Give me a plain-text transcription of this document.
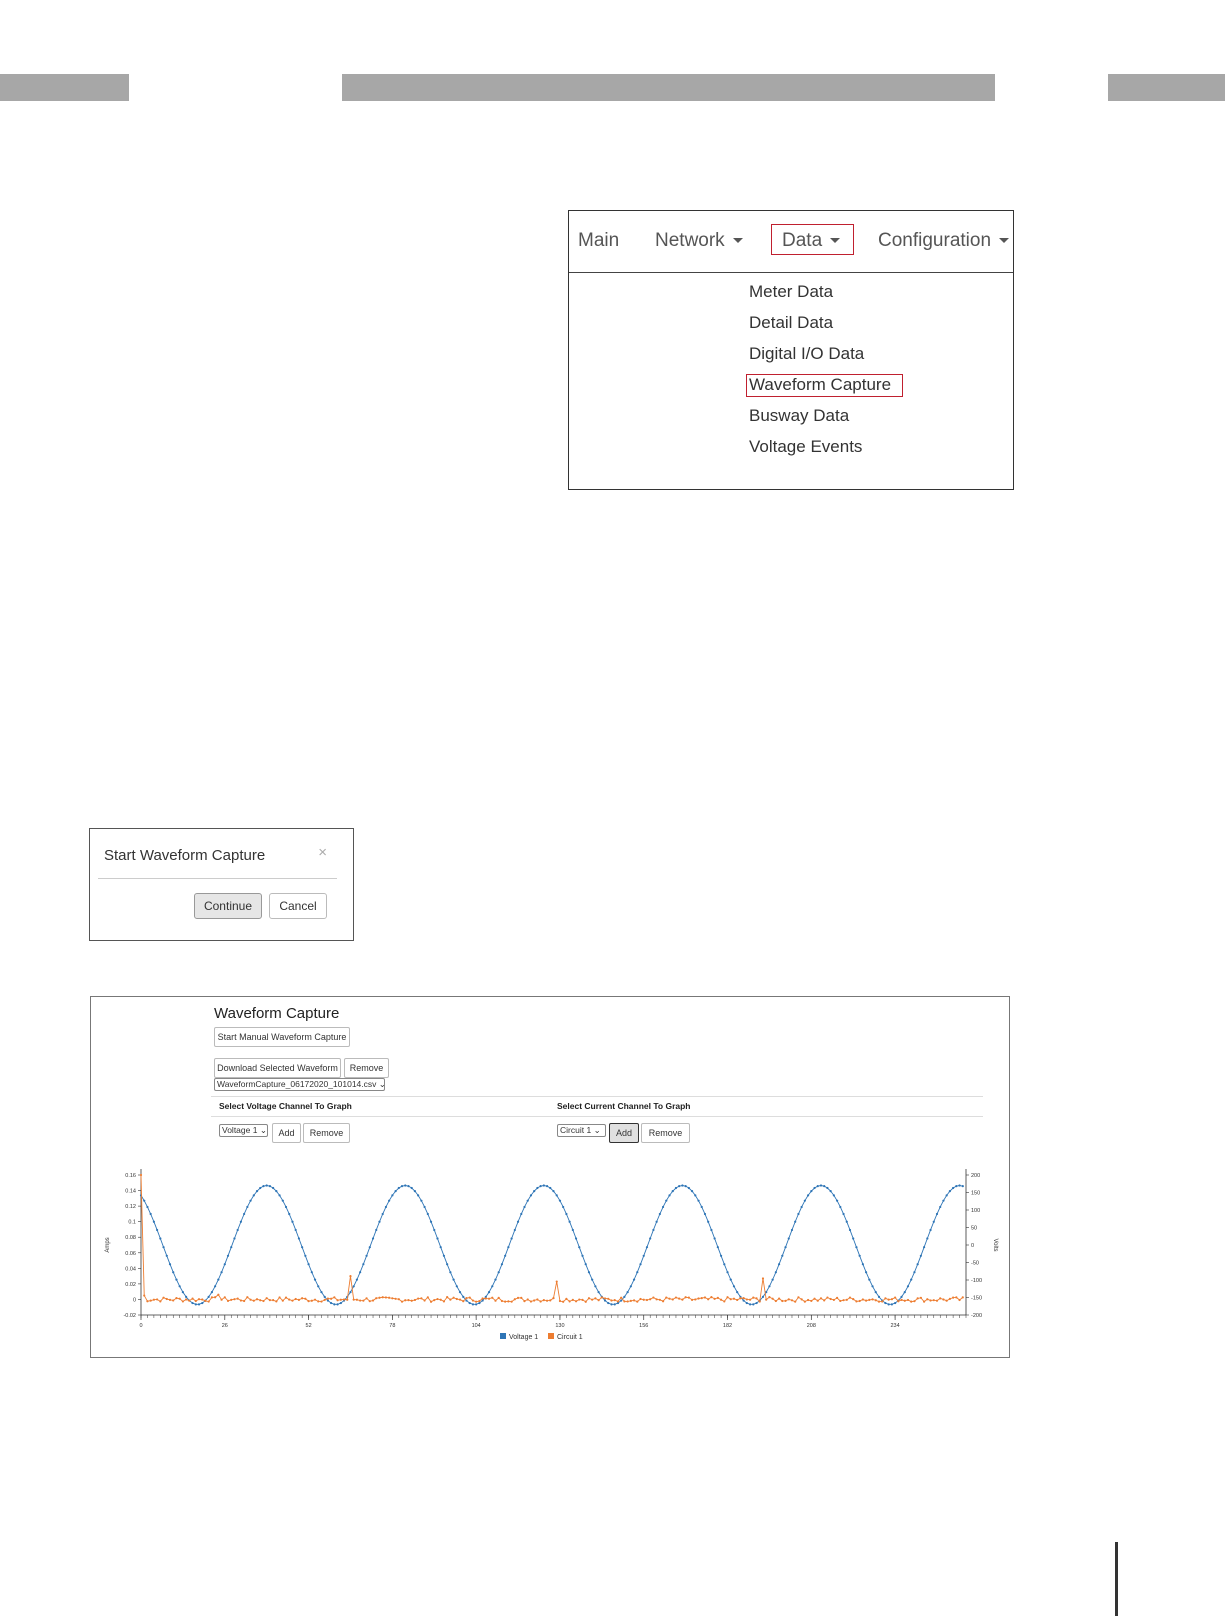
Main Network	Data	Configuration
Meter Data
Detail Data
Digital I/O Data
Waveform Capture
Busway Data
Voltage Events
Start Waveform Capture	×
Continue	Cancel
Waveform Capture
Start Manual Waveform Capture
Download Selected Waveform	Remove
WaveformCapture_06172020_101014.csv ⌄
Select Voltage Channel To Graph	Select Current Channel To Graph
Voltage 1 ⌄	Add	Remove	Circuit 1 ⌄	Add	Remove
-0.02
0
0.02
0.04
0.06
0.08
0.1
0.12
0.14
0.16
-200
-150
-100
-50
0
50
100
150
200
0	26	52	78	104	130	156	182	208	234
Amps	Volts
Voltage 1	Circuit 1
